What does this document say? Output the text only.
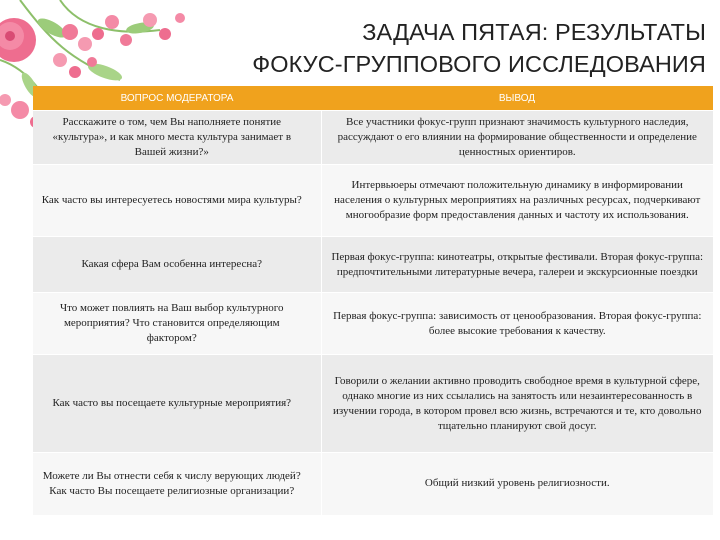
ЗАДАЧА ПЯТАЯ: РЕЗУЛЬТАТЫ
ФОКУС-ГРУППОВОГО ИССЛЕДОВАНИЯ
ВОПРОС МОДЕРАТОРА	ВЫВОД
Расскажите о том, чем Вы наполняете понятие «культура», и как много места культура занимает в Вашей жизни?»	Все участники фокус-групп признают значимость культурного наследия, рассуждают о его влиянии на формирование общественности и определение ценностных ориентиров.
Как часто вы интересуетесь новостями мира культуры?	Интервьюеры отмечают положительную динамику в информировании населения о культурных мероприятиях на различных ресурсах, подчеркивают многообразие форм предоставления данных и частоту их использования.
Какая сфера Вам особенна интересна?	Первая фокус-группа: кинотеатры, открытые фестивали. Вторая фокус-группа: предпочтительными литературные вечера, галереи и экскурсионные поездки
Что может повлиять на Ваш выбор культурного мероприятия? Что становится определяющим фактором?	Первая фокус-группа: зависимость от ценообразования. Вторая фокус-группа: более высокие требования к качеству.
Как часто вы посещаете культурные мероприятия?	Говорили о желании активно проводить свободное время в культурной сфере, однако многие из них ссылались на занятость или незаинтересованность в изучении города, в котором провел всю жизнь, встречаются и те, кто довольно тщательно планируют свой досуг.
Можете ли Вы отнести себя к числу верующих людей? Как часто Вы посещаете религиозные организации?	Общий низкий уровень религиозности.
